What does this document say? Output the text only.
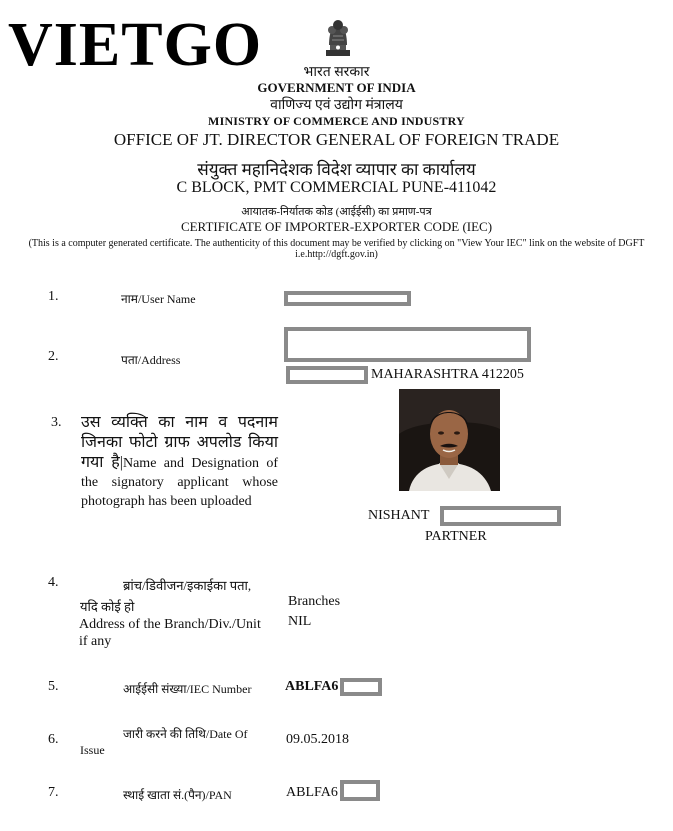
VIETGO	भारत सरकार
GOVERNMENT OF INDIA
वाणिज्य एवं उद्योग मंत्रालय
MINISTRY OF COMMERCE AND INDUSTRY
OFFICE OF JT. DIRECTOR GENERAL OF FOREIGN TRADE
संयुक्त महानिदेशक विदेश व्यापार का कार्यालय
C BLOCK, PMT COMMERCIAL PUNE-411042
आयातक-निर्यातक कोड (आईईसी) का प्रमाण-पत्र
CERTIFICATE OF IMPORTER-EXPORTER CODE (IEC)
(This is a computer generated certificate. The authenticity of this document may be verified by clicking on "View Your IEC" link on the website of DGFT
i.e.http://dgft.gov.in)
1.	नाम/User Name
2.	पता/Address
MAHARASHTRA 412205
3. उस व्यक्ति का नाम व पदनाम जिनका फोटो ग्राफ अपलोड किया गया है|Name and Designation of the signatory applicant whose photograph has been uploaded
NISHANT
PARTNER
4.	ब्रांच/डिवीजन/इकाईका पता,
यदि कोई हो
Address of the Branch/Div./Unit
if any
Branches
NIL
5.	आईईसी संख्या/IEC Number ABLFA6
6.	जारी करने की तिथि/Date Of
Issue
09.05.2018
7.	स्थाई खाता सं.(पैन)/PAN	ABLFA6
